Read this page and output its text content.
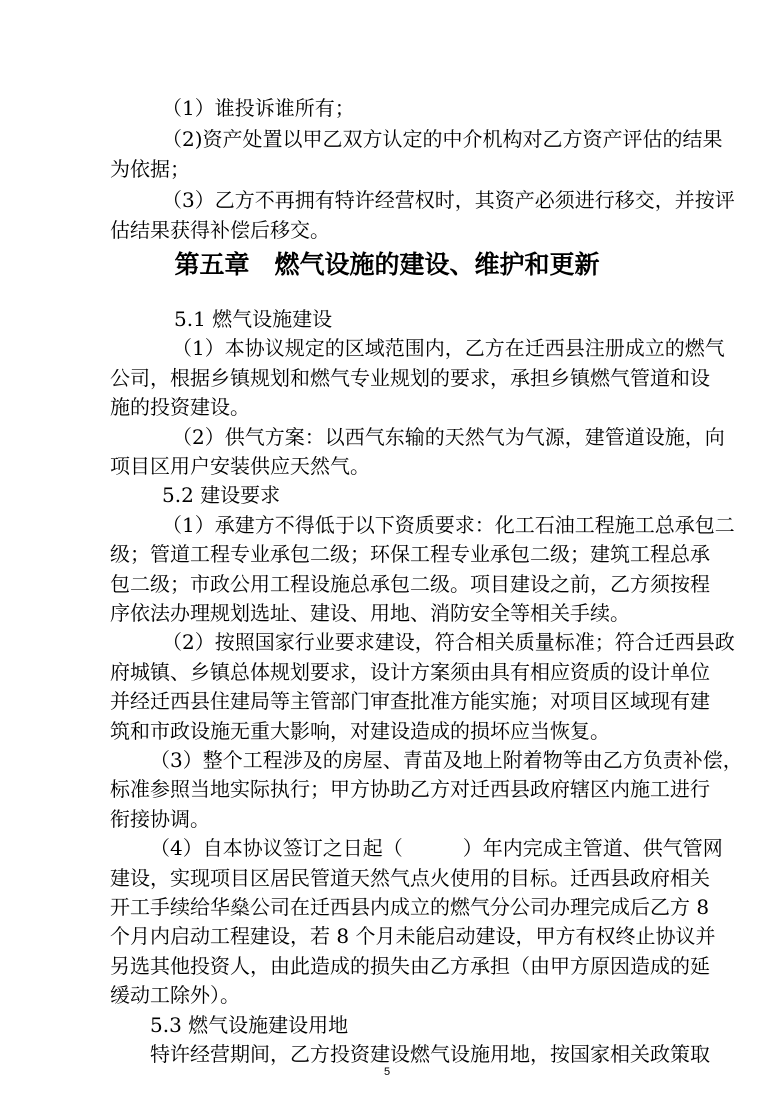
（1）谁投诉谁所有；
（2)资产处置以甲乙双方认定的中介机构对乙方资产评估的结果
为依据；
（3）乙方不再拥有特许经营权时，其资产必须进行移交，并按评
估结果获得补偿后移交。
第五章　燃气设施的建设、维护和更新
5.1 燃气设施建设
（1）本协议规定的区域范围内，乙方在迁西县注册成立的燃气
公司，根据乡镇规划和燃气专业规划的要求，承担乡镇燃气管道和设
施的投资建设。
（2）供气方案：以西气东输的天然气为气源，建管道设施，向
项目区用户安装供应天然气。
5.2 建设要求
（1）承建方不得低于以下资质要求：化工石油工程施工总承包二
级；管道工程专业承包二级；环保工程专业承包二级；建筑工程总承
包二级；市政公用工程设施总承包二级。项目建设之前，乙方须按程
序依法办理规划选址、建设、用地、消防安全等相关手续。
（2）按照国家行业要求建设，符合相关质量标准；符合迁西县政
府城镇、乡镇总体规划要求，设计方案须由具有相应资质的设计单位
并经迁西县住建局等主管部门审查批准方能实施；对项目区域现有建
筑和市政设施无重大影响，对建设造成的损坏应当恢复。
（3）整个工程涉及的房屋、青苗及地上附着物等由乙方负责补偿，
标准参照当地实际执行；甲方协助乙方对迁西县政府辖区内施工进行
衔接协调。
（4）自本协议签订之日起（　　　）年内完成主管道、供气管网
建设，实现项目区居民管道天然气点火使用的目标。迁西县政府相关
开工手续给华燊公司在迁西县内成立的燃气分公司办理完成后乙方 8
个月内启动工程建设，若 8 个月未能启动建设，甲方有权终止协议并
另选其他投资人，由此造成的损失由乙方承担（由甲方原因造成的延
缓动工除外）。
5.3 燃气设施建设用地
特许经营期间，乙方投资建设燃气设施用地，按国家相关政策取
5
